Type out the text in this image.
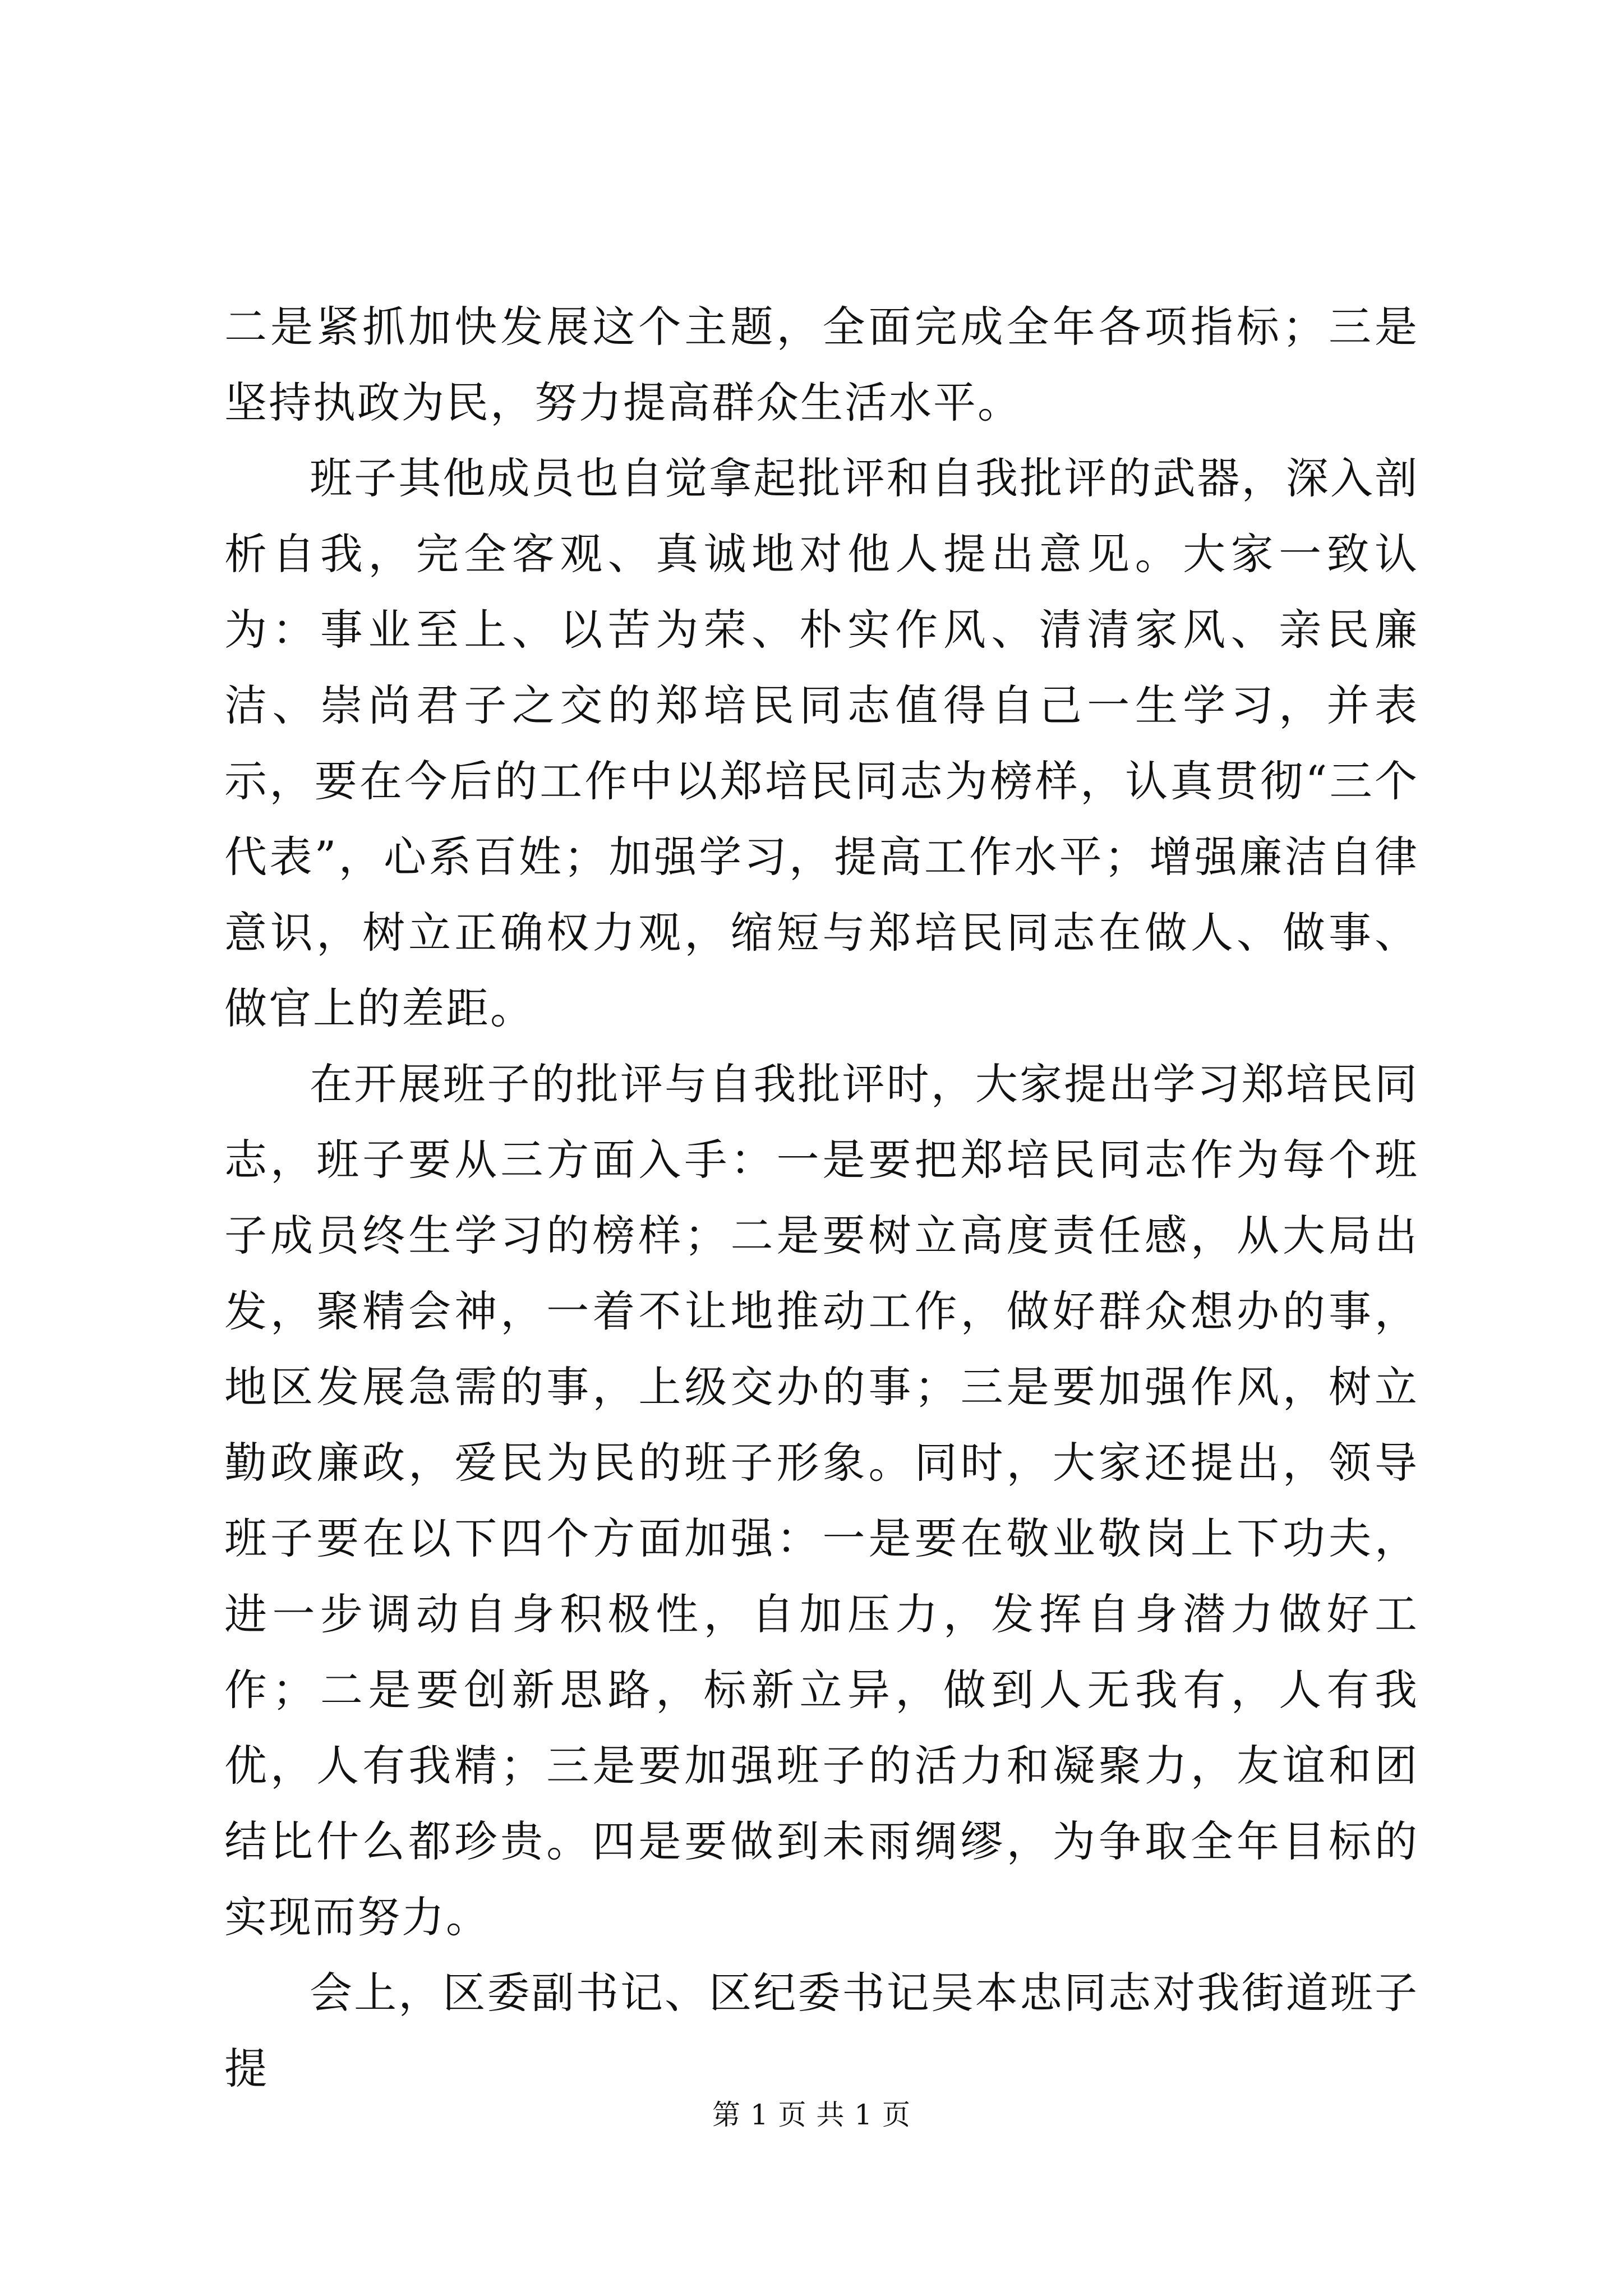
二是紧抓加快发展这个主题，全面完成全年各项指标；三是坚持执政为民，努力提高群众生活水平。

班子其他成员也自觉拿起批评和自我批评的武器，深入剖析自我，完全客观、真诚地对他人提出意见。大家一致认为：事业至上、以苦为荣、朴实作风、清清家风、亲民廉洁、崇尚君子之交的郑培民同志值得自己一生学习，并表示，要在今后的工作中以郑培民同志为榜样，认真贯彻“三个代表”，心系百姓；加强学习，提高工作水平；增强廉洁自律意识，树立正确权力观，缩短与郑培民同志在做人、做事、做官上的差距。

在开展班子的批评与自我批评时，大家提出学习郑培民同志，班子要从三方面入手：一是要把郑培民同志作为每个班子成员终生学习的榜样；二是要树立高度责任感，从大局出发，聚精会神，一着不让地推动工作，做好群众想办的事，地区发展急需的事，上级交办的事；三是要加强作风，树立勤政廉政，爱民为民的班子形象。同时，大家还提出，领导班子要在以下四个方面加强：一是要在敬业敬岗上下功夫，进一步调动自身积极性，自加压力，发挥自身潜力做好工作；二是要创新思路，标新立异，做到人无我有，人有我优，人有我精；三是要加强班子的活力和凝聚力，友谊和团结比什么都珍贵。四是要做到未雨绸缪，为争取全年目标的实现而努力。

会上，区委副书记、区纪委书记吴本忠同志对我街道班子提

第 1 页 共 1 页
